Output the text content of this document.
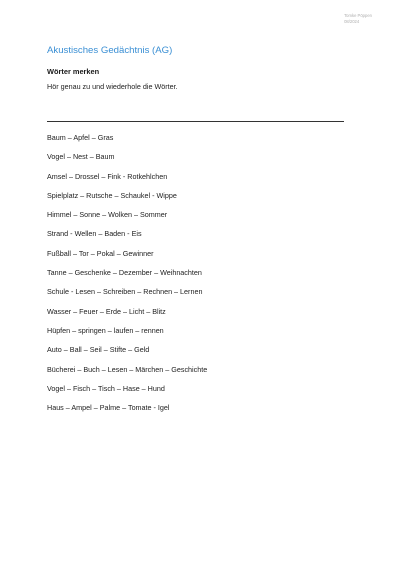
Tomke Pöppen
08/2024
Akustisches Gedächtnis (AG)
Wörter merken

Hör genau zu und wiederhole die Wörter.

Baum – Apfel – Gras
Vogel – Nest – Baum
Amsel – Drossel – Fink - Rotkehlchen
Spielplatz – Rutsche – Schaukel - Wippe
Himmel – Sonne – Wolken – Sommer
Strand - Wellen – Baden - Eis
Fußball – Tor – Pokal – Gewinner
Tanne – Geschenke – Dezember – Weihnachten
Schule - Lesen – Schreiben – Rechnen – Lernen
Wasser – Feuer – Erde – Licht – Blitz
Hüpfen – springen – laufen – rennen
Auto – Ball – Seil – Stifte – Geld
Bücherei – Buch – Lesen – Märchen – Geschichte
Vogel – Fisch – Tisch – Hase – Hund
Haus – Ampel – Palme – Tomate - Igel
